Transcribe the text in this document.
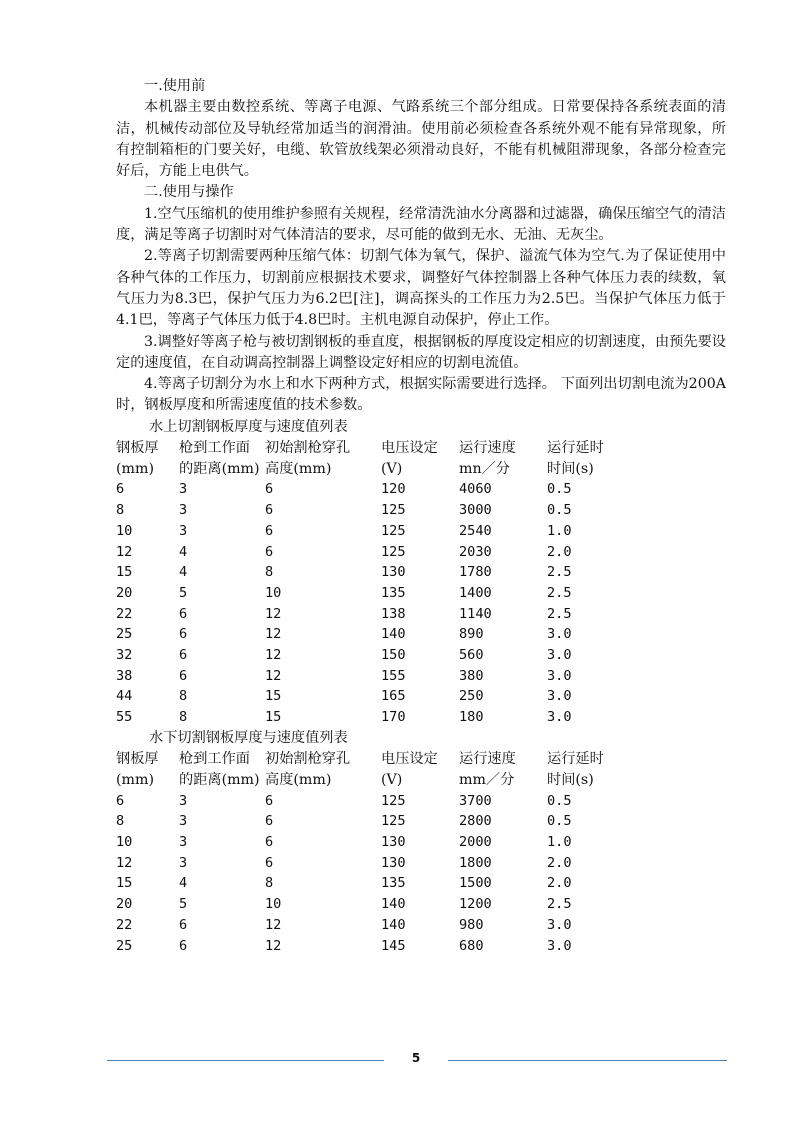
一.使用前

本机器主要由数控系统、等离子电源、气路系统三个部分组成。日常要保持各系统表面的清洁，机械传动部位及导轨经常加适当的润滑油。使用前必须检查各系统外观不能有异常现象，所有控制箱柜的门要关好，电缆、软管放线架必须滑动良好，不能有机械阻滞现象，各部分检查完好后，方能上电供气。

二.使用与操作

1.空气压缩机的使用维护参照有关规程，经常清洗油水分离器和过滤器，确保压缩空气的清洁度，满足等离子切割时对气体清洁的要求，尽可能的做到无水、无油、无灰尘。

2.等离子切割需要两种压缩气体：切割气体为氧气，保护、溢流气体为空气.为了保证使用中各种气体的工作压力，切割前应根据技术要求，调整好气体控制器上各种气体压力表的续数，氧气压力为8.3巴，保护气压力为6.2巴[注]，调高探头的工作压力为2.5巴。当保护气体压力低于4.1巴，等离子气体压力低于4.8巴时。主机电源自动保护，停止工作。

3.调整好等离子枪与被切割钢板的垂直度，根据钢板的厚度设定相应的切割速度，由预先要设定的速度值，在自动调高控制器上调整设定好相应的切割电流值。

4.等离子切割分为水上和水下两种方式，根据实际需要进行选择。 下面列出切割电流为200A时，钢板厚度和所需速度值的技术参数。

水上切割钢板厚度与速度值列表

钢板厚	枪到工作面	初始割枪穿孔	电压设定	运行速度	运行延时
(mm)	的距离(mm)	高度(mm)	(V)	mn／分	时间(s)
6	3	6	120	4060	0.5
8	3	6	125	3000	0.5
10	3	6	125	2540	1.0
12	4	6	125	2030	2.0
15	4	8	130	1780	2.5
20	5	10	135	1400	2.5
22	6	12	138	1140	2.5
25	6	12	140	890	3.0
32	6	12	150	560	3.0
38	6	12	155	380	3.0
44	8	15	165	250	3.0
55	8	15	170	180	3.0

水下切割钢板厚度与速度值列表

钢板厚	枪到工作面	初始割枪穿孔	电压设定	运行速度	运行延时
(mm)	的距离(mm)	高度(mm)	(V)	mm／分	时间(s)
6	3	6	125	3700	0.5
8	3	6	125	2800	0.5
10	3	6	130	2000	1.0
12	3	6	130	1800	2.0
15	4	8	135	1500	2.0
20	5	10	140	1200	2.5
22	6	12	140	980	3.0
25	6	12	145	680	3.0
5
